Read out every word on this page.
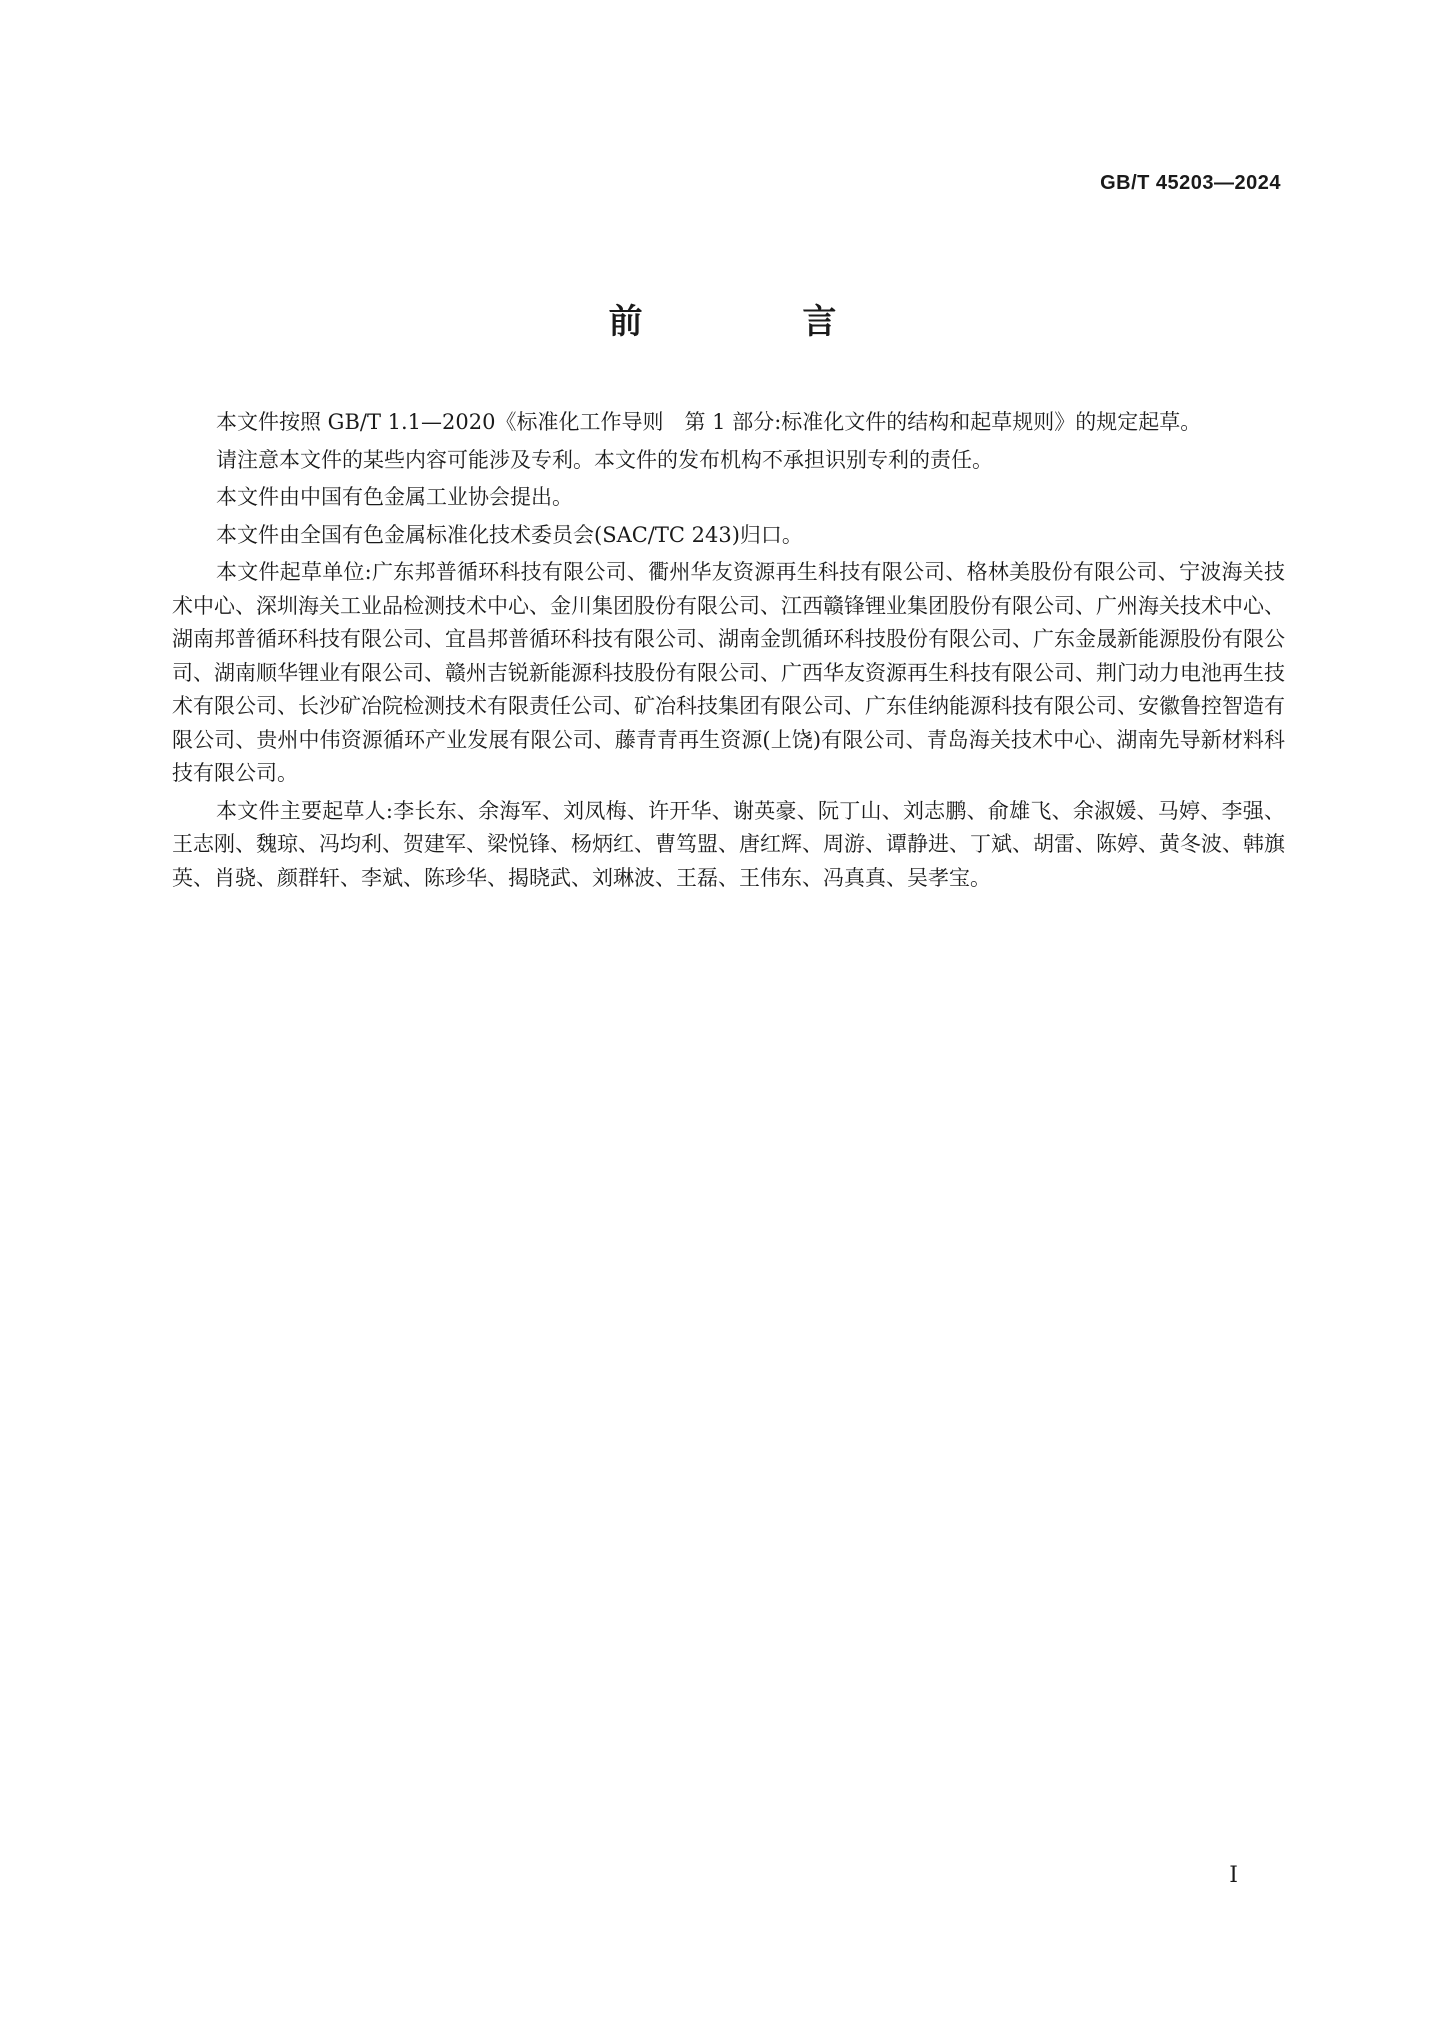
GB/T 45203—2024
前 言

本文件按照 GB/T 1.1—2020《标准化工作导则　第 1 部分:标准化文件的结构和起草规则》的规定起草。

请注意本文件的某些内容可能涉及专利。本文件的发布机构不承担识别专利的责任。

本文件由中国有色金属工业协会提出。

本文件由全国有色金属标准化技术委员会(SAC/TC 243)归口。

本文件起草单位:广东邦普循环科技有限公司、衢州华友资源再生科技有限公司、格林美股份有限公司、宁波海关技术中心、深圳海关工业品检测技术中心、金川集团股份有限公司、江西赣锋锂业集团股份有限公司、广州海关技术中心、湖南邦普循环科技有限公司、宜昌邦普循环科技有限公司、湖南金凯循环科技股份有限公司、广东金晟新能源股份有限公司、湖南顺华锂业有限公司、赣州吉锐新能源科技股份有限公司、广西华友资源再生科技有限公司、荆门动力电池再生技术有限公司、长沙矿冶院检测技术有限责任公司、矿冶科技集团有限公司、广东佳纳能源科技有限公司、安徽鲁控智造有限公司、贵州中伟资源循环产业发展有限公司、藤青青再生资源(上饶)有限公司、青岛海关技术中心、湖南先导新材料科技有限公司。

本文件主要起草人:李长东、余海军、刘凤梅、许开华、谢英豪、阮丁山、刘志鹏、俞雄飞、余淑媛、马婷、李强、王志刚、魏琼、冯均利、贺建军、梁悦锋、杨炳红、曹笃盟、唐红辉、周游、谭静进、丁斌、胡雷、陈婷、黄冬波、韩旗英、肖骁、颜群轩、李斌、陈珍华、揭晓武、刘琳波、王磊、王伟东、冯真真、吴孝宝。

I
